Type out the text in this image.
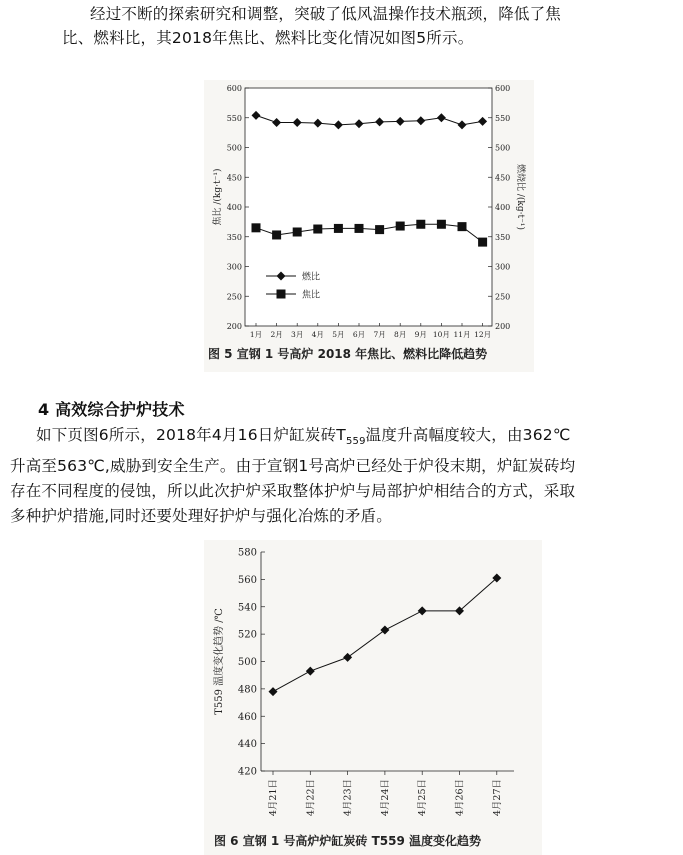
经过不断的探索研究和调整，突破了低风温操作技术瓶颈，降低了焦
比、燃料比，其2018年焦比、燃料比变化情况如图5所示。
600	600
550	550
500	500
450	450
400	400
350	350
300	300
250	250
200	200
1月 2月 3月 4月 5月 6月 7月 8月 9月 10月 11月 12月
焦比 /(kg·t⁻¹)	燃烧比 /(kg·t⁻¹)
燃比
焦比
图 5 宣钢 1 号高炉 2018 年焦比、燃料比降低趋势
4 高效综合护炉技术
如下页图6所示，2018年4月16日炉缸炭砖$T_{559}$温度升高幅度较大，由362℃
升高至563℃,威胁到安全生产。由于宣钢1号高炉已经处于炉役末期，炉缸炭砖均
存在不同程度的侵蚀，所以此次护炉采取整体护炉与局部护炉相结合的方式，采取
多种护炉措施,同时还要处理好护炉与强化冶炼的矛盾。
580
560
540
520
500
480
460
440
420
4月21日	4月22日	4月23日	4月24日	4月25日	4月26日	4月27日
T559 温度变化趋势 /℃
图 6 宣钢 1 号高炉炉缸炭砖 T559 温度变化趋势
